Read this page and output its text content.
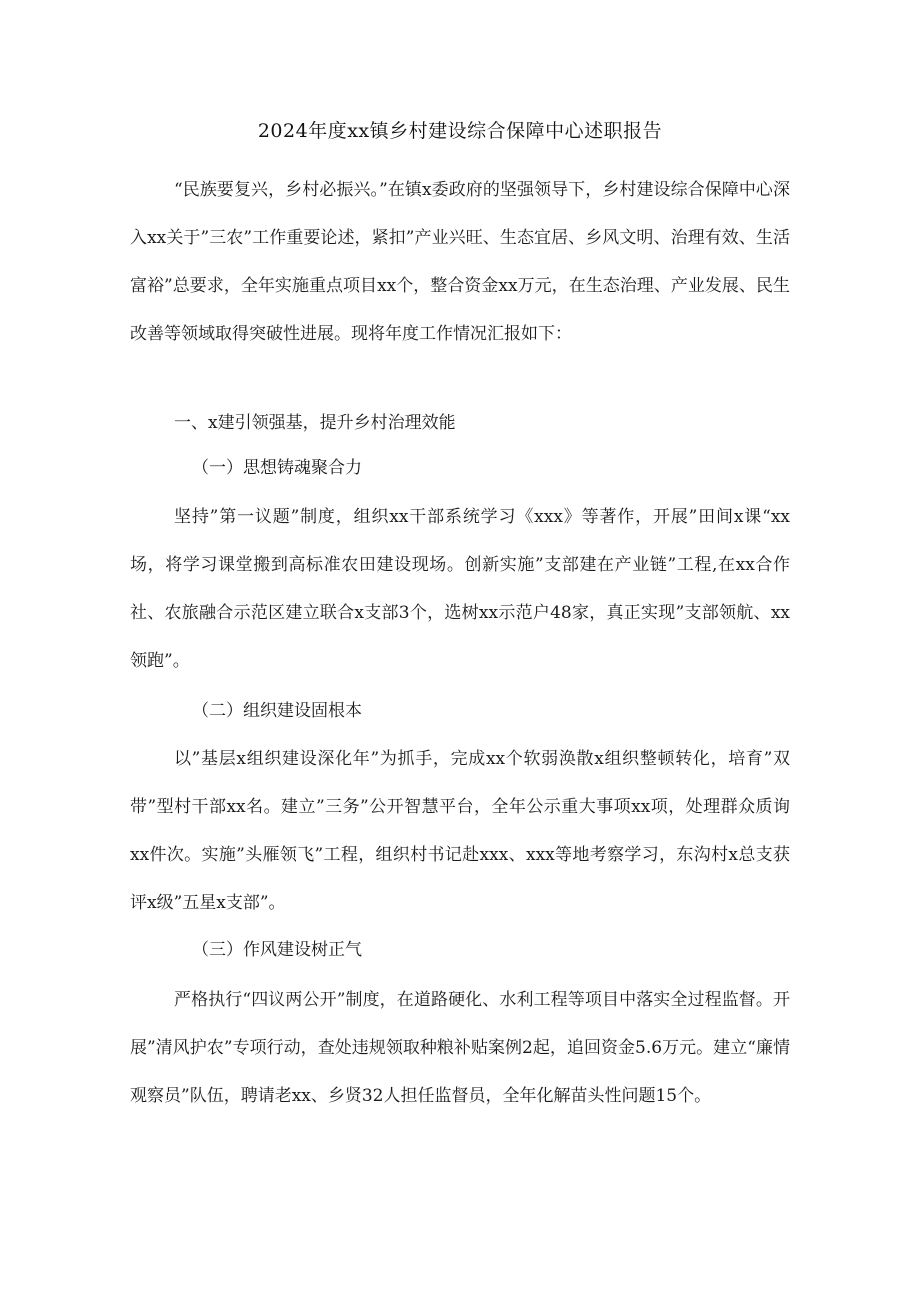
2024年度xx镇乡村建设综合保障中心述职报告

“民族要复兴，乡村必振兴。”在镇x委政府的坚强领导下，乡村建设综合保障中心深入xx关于”三农”工作重要论述，紧扣”产业兴旺、生态宜居、乡风文明、治理有效、生活富裕”总要求，全年实施重点项目xx个，整合资金xx万元，在生态治理、产业发展、民生改善等领域取得突破性进展。现将年度工作情况汇报如下：

一、x建引领强基，提升乡村治理效能

（一）思想铸魂聚合力

坚持”第一议题”制度，组织xx干部系统学习《xxx》等著作，开展”田间x课“xx场，将学习课堂搬到高标准农田建设现场。创新实施”支部建在产业链”工程,在xx合作社、农旅融合示范区建立联合x支部3个，选树xx示范户48家，真正实现”支部领航、xx领跑”。

（二）组织建设固根本

以”基层x组织建设深化年”为抓手，完成xx个软弱涣散x组织整顿转化，培育”双带”型村干部xx名。建立”三务”公开智慧平台，全年公示重大事项xx项，处理群众质询xx件次。实施”头雁领飞”工程，组织村书记赴xxx、xxx等地考察学习，东沟村x总支获评x级”五星x支部”。

（三）作风建设树正气

严格执行“四议两公开”制度，在道路硬化、水利工程等项目中落实全过程监督。开展”清风护农”专项行动，查处违规领取种粮补贴案例2起，追回资金5.6万元。建立“廉情观察员”队伍，聘请老xx、乡贤32人担任监督员，全年化解苗头性问题15个。
